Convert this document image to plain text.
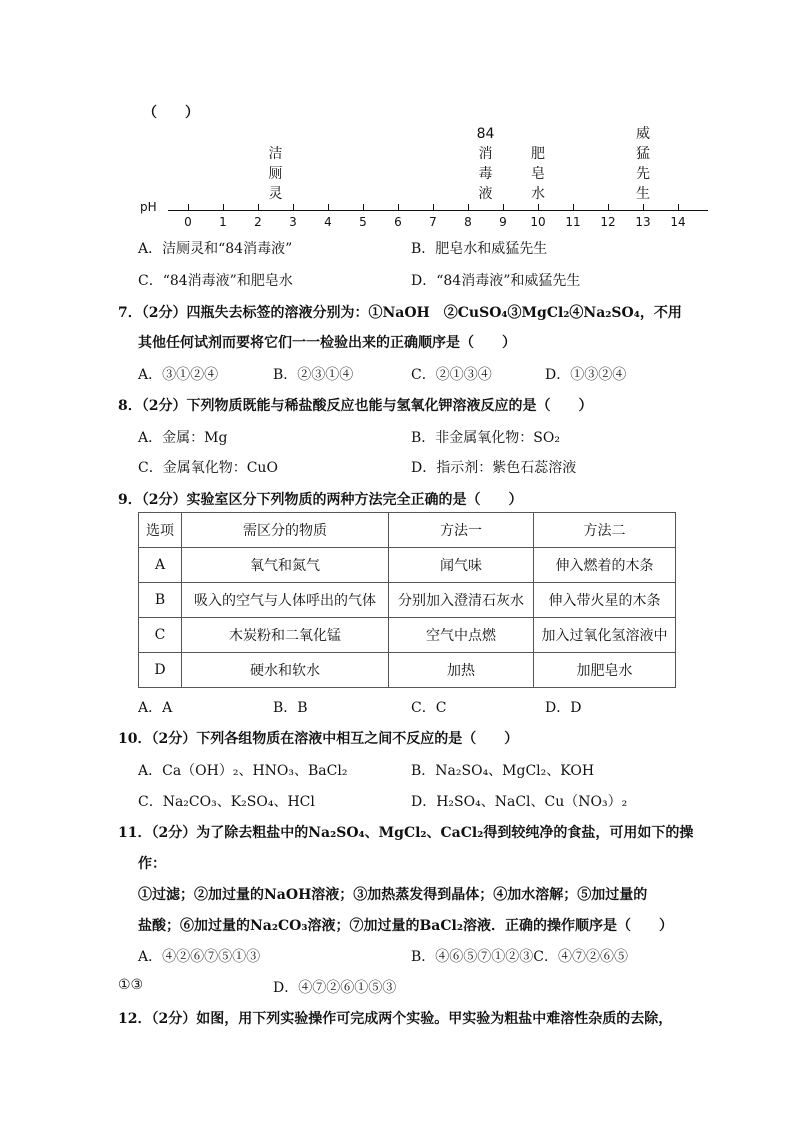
（　　）
pH
0	1	2	3	4	5	6	7	8	9	10 11 12 13 14
洁
厕
灵
84
消
毒
液
肥
皂
水
威
猛
先
生
A．洁厕灵和“84消毒液”	B．肥皂水和威猛先生
C．“84消毒液”和肥皂水	D．“84消毒液”和威猛先生
7．（2分）四瓶失去标签的溶液分别为：①NaOH　②CuSO₄③MgCl₂④Na₂SO₄，不用
其他任何试剂而要将它们一一检验出来的正确顺序是（　　）
A．③①②④	B．②③①④	C．②①③④	D．①③②④
8．（2分）下列物质既能与稀盐酸反应也能与氢氧化钾溶液反应的是（　　）
A．金属：Mg	B．非金属氧化物：SO₂
C．金属氧化物：CuO	D．指示剂：紫色石蕊溶液
9．（2分）实验室区分下列物质的两种方法完全正确的是（　　）
选项	需区分的物质	方法一	方法二
A	氧气和氮气	闻气味	伸入燃着的木条
B	吸入的空气与人体呼出的气体	分别加入澄清石灰水	伸入带火星的木条
C	木炭粉和二氧化锰	空气中点燃	加入过氧化氢溶液中
D	硬水和软水	加热	加肥皂水
A．A	B．B	C．C	D．D
10．（2分）下列各组物质在溶液中相互之间不反应的是（　　）
A．Ca（OH）₂、HNO₃、BaCl₂	B．Na₂SO₄、MgCl₂、KOH
C．Na₂CO₃、K₂SO₄、HCl	D．H₂SO₄、NaCl、Cu（NO₃）₂
11．（2分）为了除去粗盐中的Na₂SO₄、MgCl₂、CaCl₂得到较纯净的食盐，可用如下的操
作：
①过滤；②加过量的NaOH溶液；③加热蒸发得到晶体；④加水溶解；⑤加过量的
盐酸；⑥加过量的Na₂CO₃溶液；⑦加过量的BaCl₂溶液．正确的操作顺序是（　　）
A．④②⑥⑦⑤①③	B．④⑥⑤⑦①②③C．④⑦②⑥⑤
①③	D．④⑦②⑥①⑤③
12．（2分）如图，用下列实验操作可完成两个实验。甲实验为粗盐中难溶性杂质的去除，
